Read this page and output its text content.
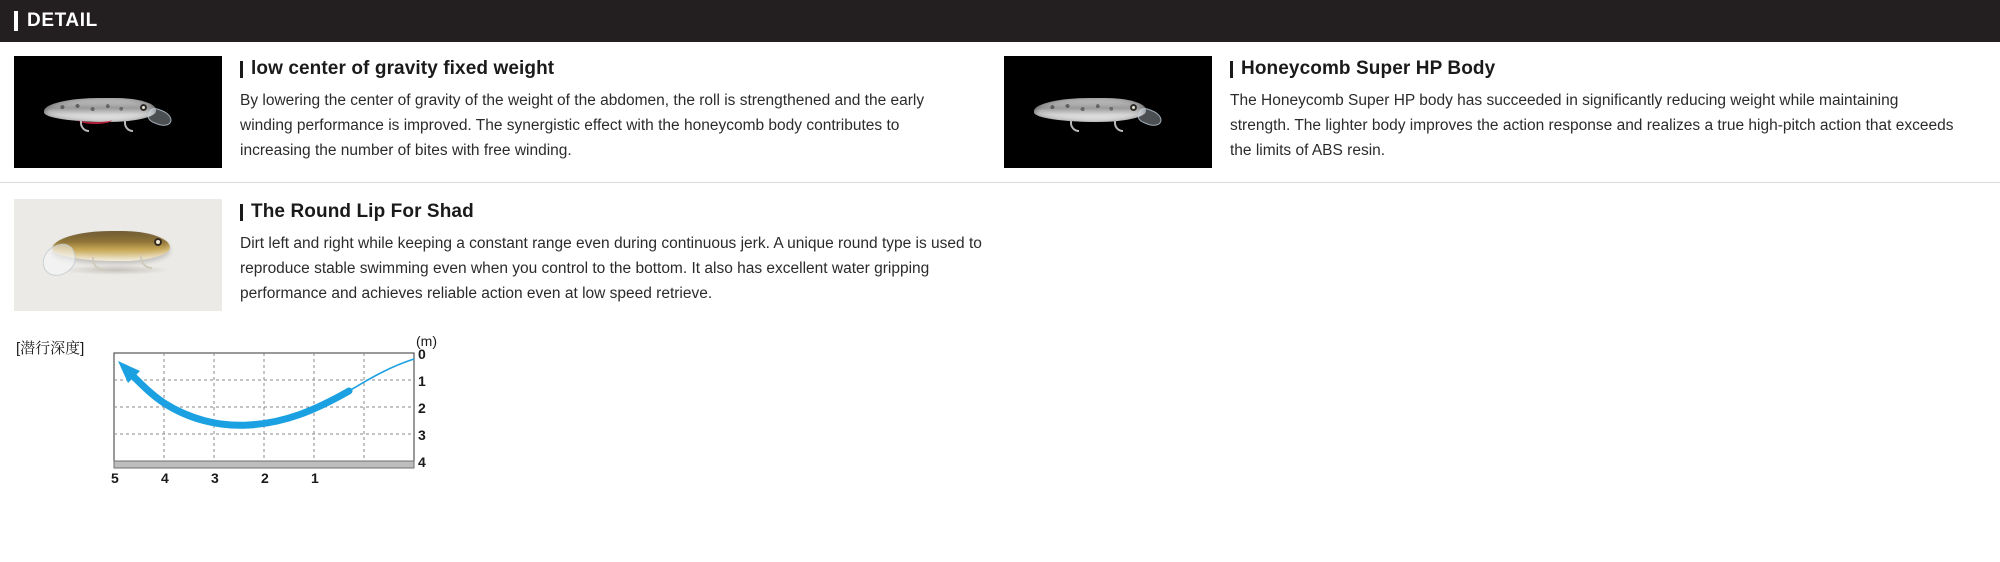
DETAIL
low center of gravity fixed weight
By lowering the center of gravity of the weight of the abdomen, the roll is strengthened and the early winding performance is improved. The synergistic effect with the honeycomb body contributes to increasing the number of bites with free winding.
Honeycomb Super HP Body
The Honeycomb Super HP body has succeeded in significantly reducing weight while maintaining strength. The lighter body improves the action response and realizes a true high-pitch action that exceeds the limits of ABS resin.
The Round Lip For Shad
Dirt left and right while keeping a constant range even during continuous jerk. A unique round type is used to reproduce stable swimming even when you control to the bottom. It also has excellent water gripping performance and achieves reliable action even at low speed retrieve.
[潜行深度]	(m)
0
1
2
3
4
5	4	3	2	1
